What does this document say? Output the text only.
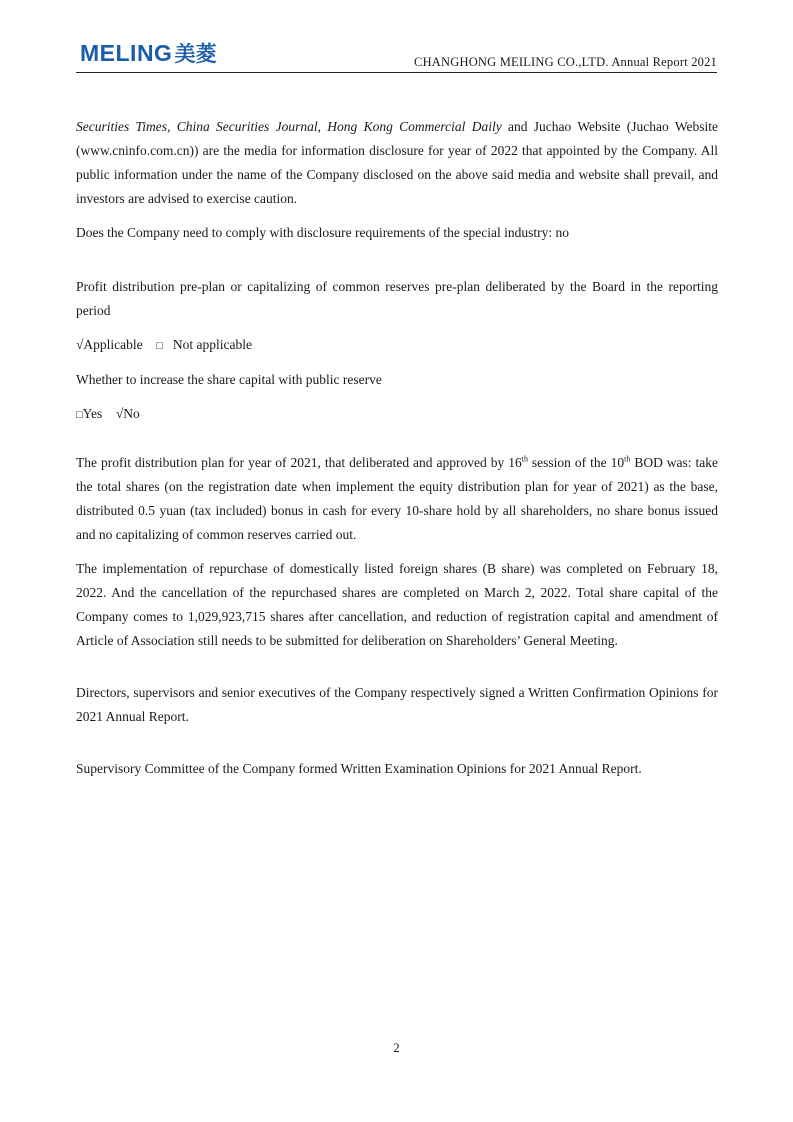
MELING 美菱	CHANGHONG MEILING CO.,LTD. Annual Report 2021

Securities Times, China Securities Journal, Hong Kong Commercial Daily and Juchao Website (Juchao Website (www.cninfo.com.cn)) are the media for information disclosure for year of 2022 that appointed by the Company. All public information under the name of the Company disclosed on the above said media and website shall prevail, and investors are advised to exercise caution.

Does the Company need to comply with disclosure requirements of the special industry: no

Profit distribution pre-plan or capitalizing of common reserves pre-plan deliberated by the Board in the reporting period

√Applicable □ Not applicable

Whether to increase the share capital with public reserve

□Yes √No

The profit distribution plan for year of 2021, that deliberated and approved by 16th session of the 10th BOD was: take the total shares (on the registration date when implement the equity distribution plan for year of 2021) as the base, distributed 0.5 yuan (tax included) bonus in cash for every 10-share hold by all shareholders, no share bonus issued and no capitalizing of common reserves carried out.

The implementation of repurchase of domestically listed foreign shares (B share) was completed on February 18, 2022. And the cancellation of the repurchased shares are completed on March 2, 2022. Total share capital of the Company comes to 1,029,923,715 shares after cancellation, and reduction of registration capital and amendment of Article of Association still needs to be submitted for deliberation on Shareholders’ General Meeting.

Directors, supervisors and senior executives of the Company respectively signed a Written Confirmation Opinions for 2021 Annual Report.

Supervisory Committee of the Company formed Written Examination Opinions for 2021 Annual Report.

2
